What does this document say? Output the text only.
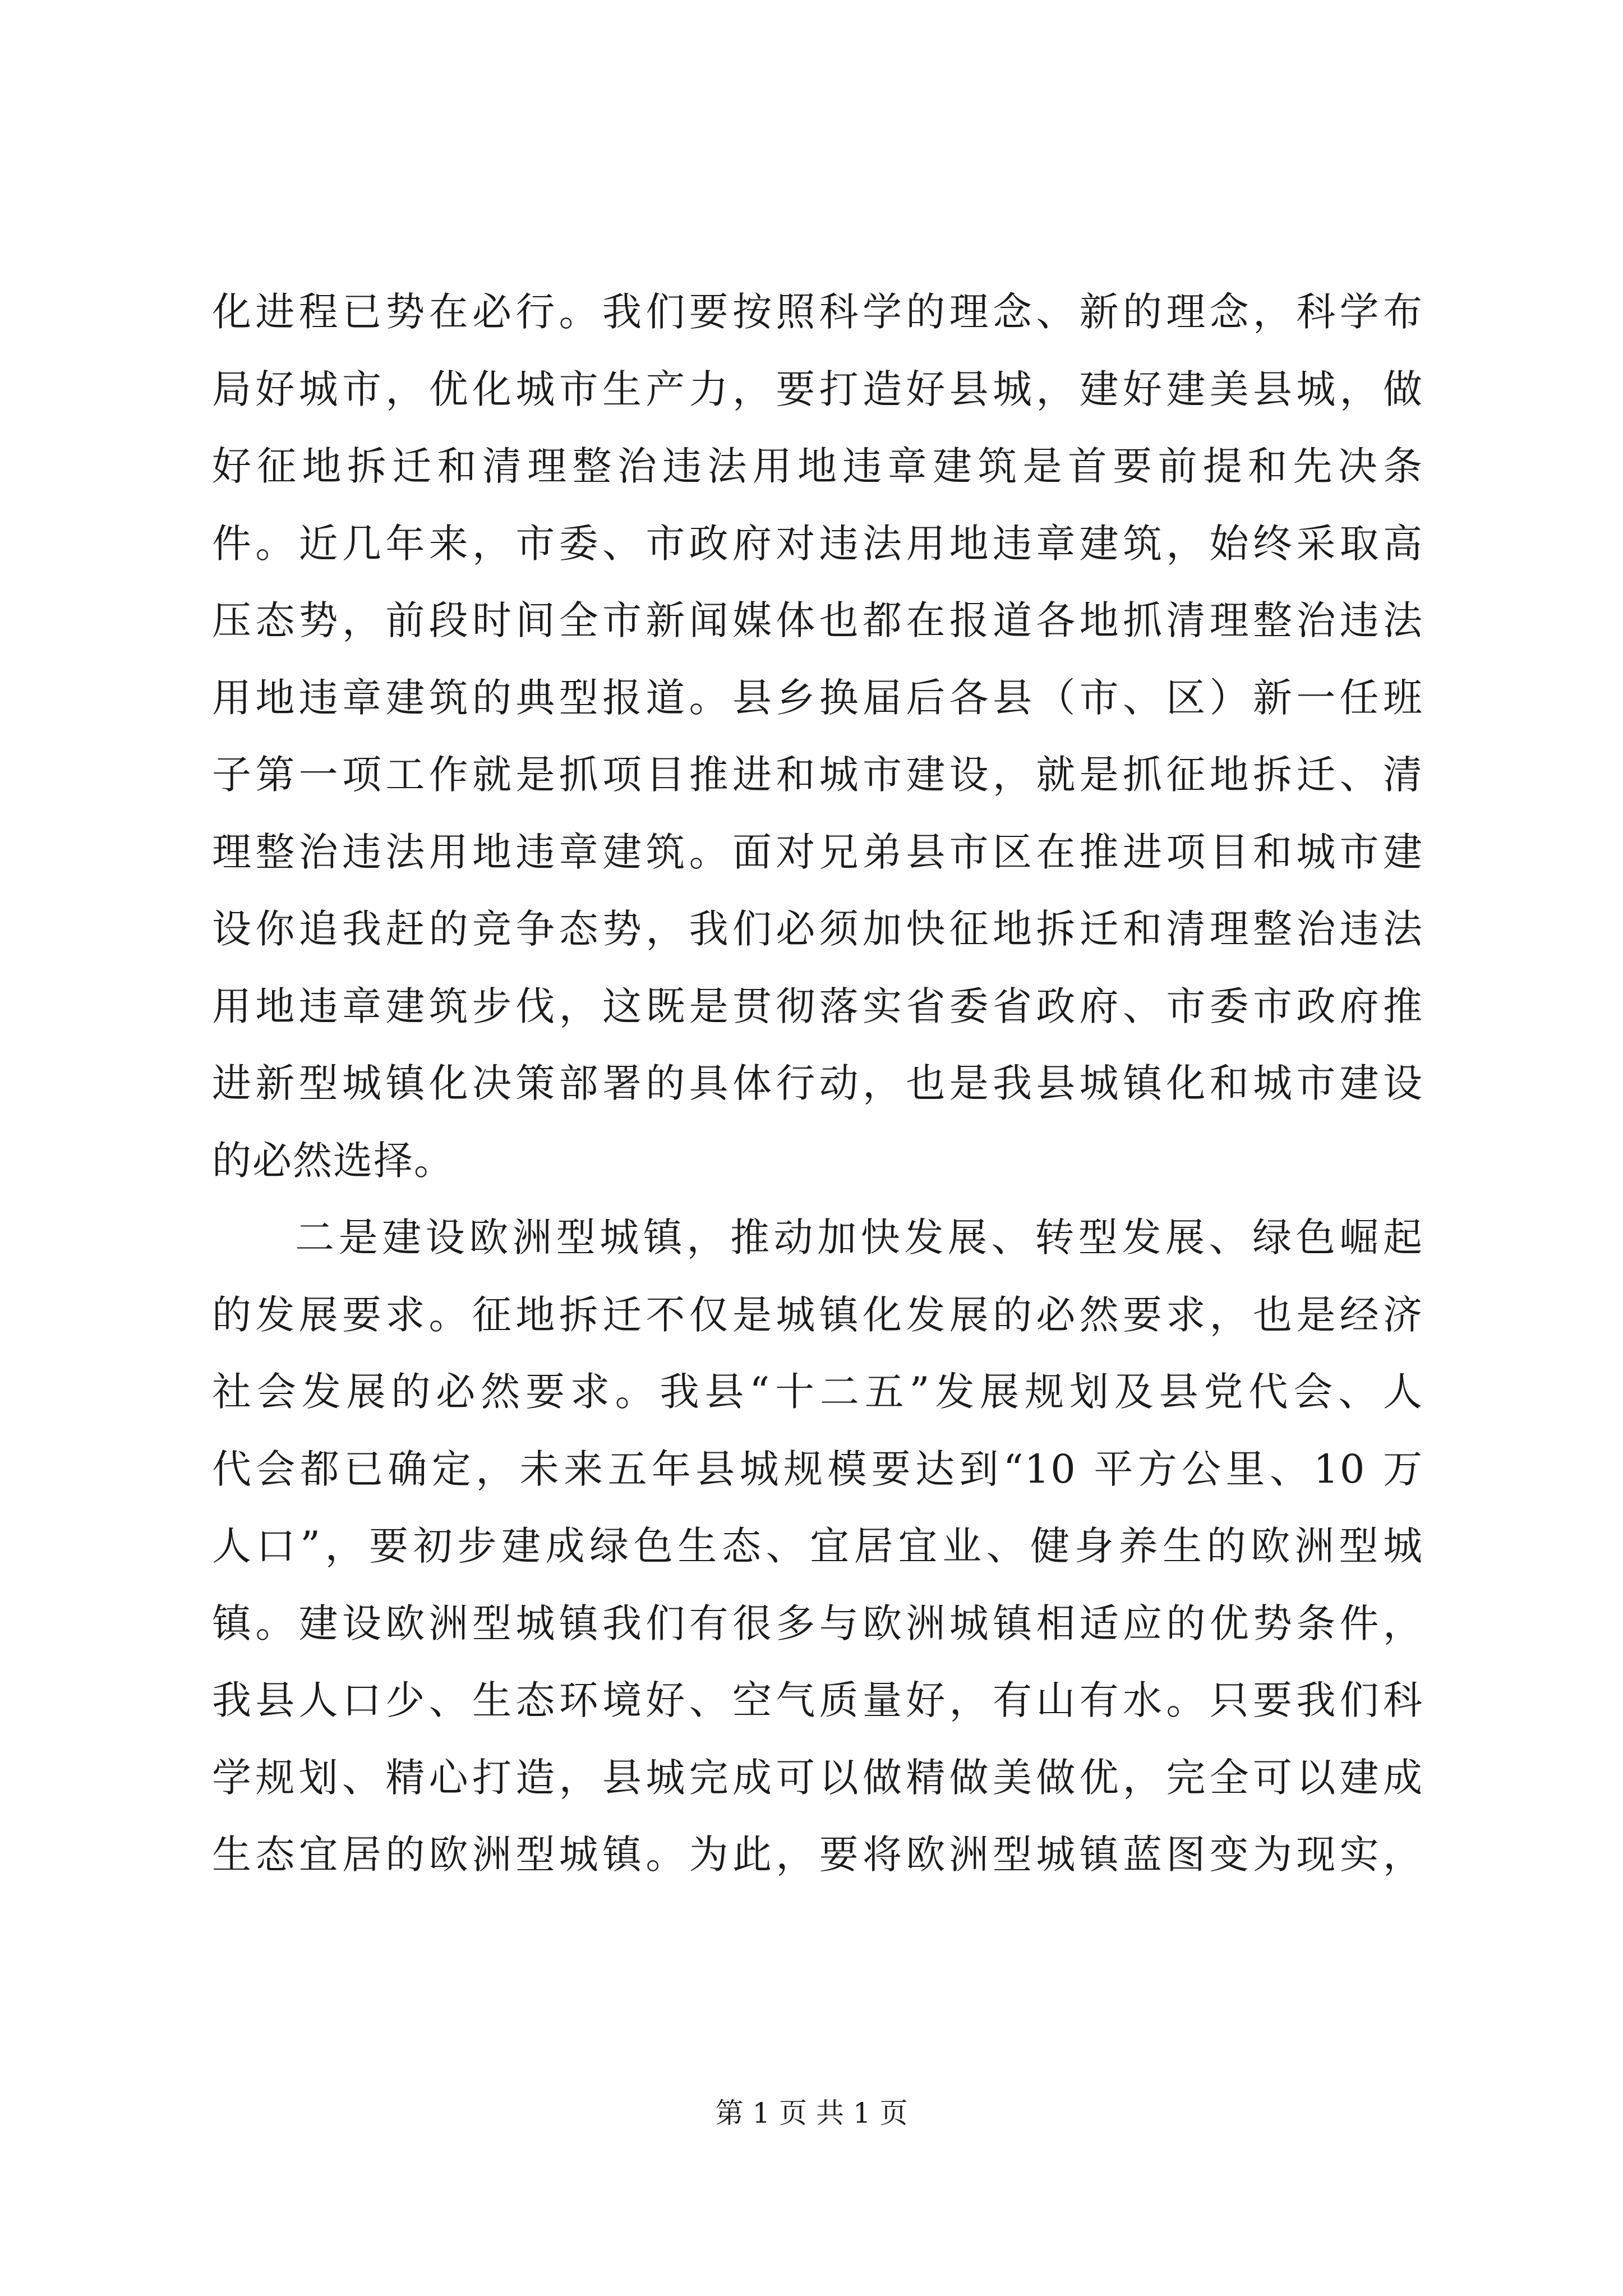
化进程已势在必行。我们要按照科学的理念、新的理念，科学布
局好城市，优化城市生产力，要打造好县城，建好建美县城，做
好征地拆迁和清理整治违法用地违章建筑是首要前提和先决条
件。近几年来，市委、市政府对违法用地违章建筑，始终采取高
压态势，前段时间全市新闻媒体也都在报道各地抓清理整治违法
用地违章建筑的典型报道。县乡换届后各县（市、区）新一任班
子第一项工作就是抓项目推进和城市建设，就是抓征地拆迁、清
理整治违法用地违章建筑。面对兄弟县市区在推进项目和城市建
设你追我赶的竞争态势，我们必须加快征地拆迁和清理整治违法
用地违章建筑步伐，这既是贯彻落实省委省政府、市委市政府推
进新型城镇化决策部署的具体行动，也是我县城镇化和城市建设
的必然选择。
二是建设欧洲型城镇，推动加快发展、转型发展、绿色崛起
的发展要求。征地拆迁不仅是城镇化发展的必然要求，也是经济
社会发展的必然要求。我县“十二五”发展规划及县党代会、人
代会都已确定，未来五年县城规模要达到“10 平方公里、10 万
人口”，要初步建成绿色生态、宜居宜业、健身养生的欧洲型城
镇。建设欧洲型城镇我们有很多与欧洲城镇相适应的优势条件，
我县人口少、生态环境好、空气质量好，有山有水。只要我们科
学规划、精心打造，县城完成可以做精做美做优，完全可以建成
生态宜居的欧洲型城镇。为此，要将欧洲型城镇蓝图变为现实，
第 1 页 共 1 页
